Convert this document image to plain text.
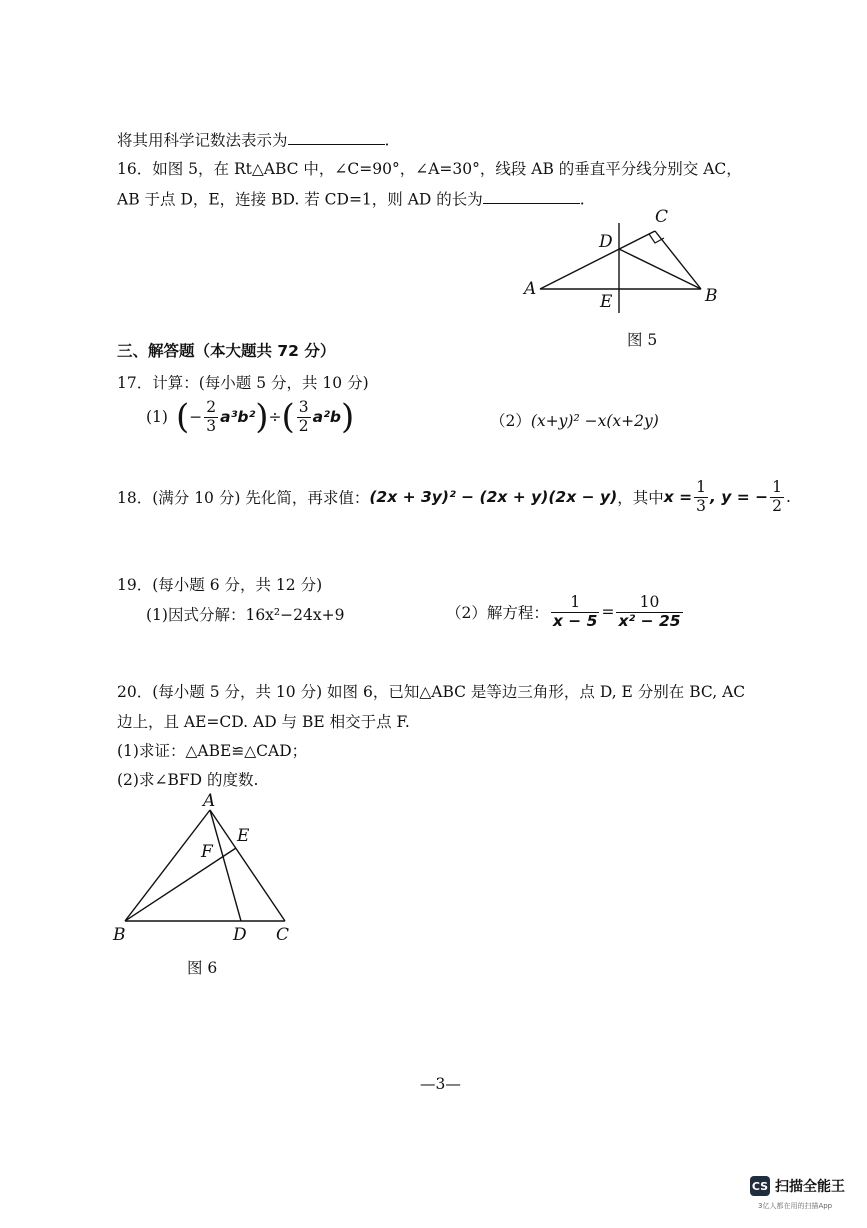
将其用科学记数法表示为	.
16．如图 5，在 Rt△ABC 中，∠C=90°，∠A=30°，线段 AB 的垂直平分线分别交 AC，
AB 于点 D，E，连接 BD. 若 CD=1，则 AD 的长为	.
A	B
C
D
E
图 5
三、解答题（本大题共 72 分）
17．计算：(每小题 5 分，共 10 分)
(1) ( − $\frac{2}{3} a^3b^2$ ) ÷ ( $\frac{3}{2} a^2b$ )	（2）(x+y)² −x(x+2y)
18．(满分 10 分) 先化简，再求值： (2x + 3y)² − (2x + y)(2x − y) ，其中 $x = \frac{1}{3}$ , y = − $\frac{1}{2}$ .
19．(每小题 6 分，共 12 分)
(1)因式分解：16x²−24x+9	（2）解方程： $\frac{1}{x - 5} = \frac{10}{\text{x² − 25}}$
20．(每小题 5 分，共 10 分) 如图 6，已知△ABC 是等边三角形，点 D, E 分别在 BC, AC
边上，且 AE=CD. AD 与 BE 相交于点 F.
(1)求证：△ABE≌△CAD；
(2)求∠BFD 的度数.
A
B	C
D
E
F
图 6
—3—
CS 扫描全能王
3亿人都在用的扫描App
